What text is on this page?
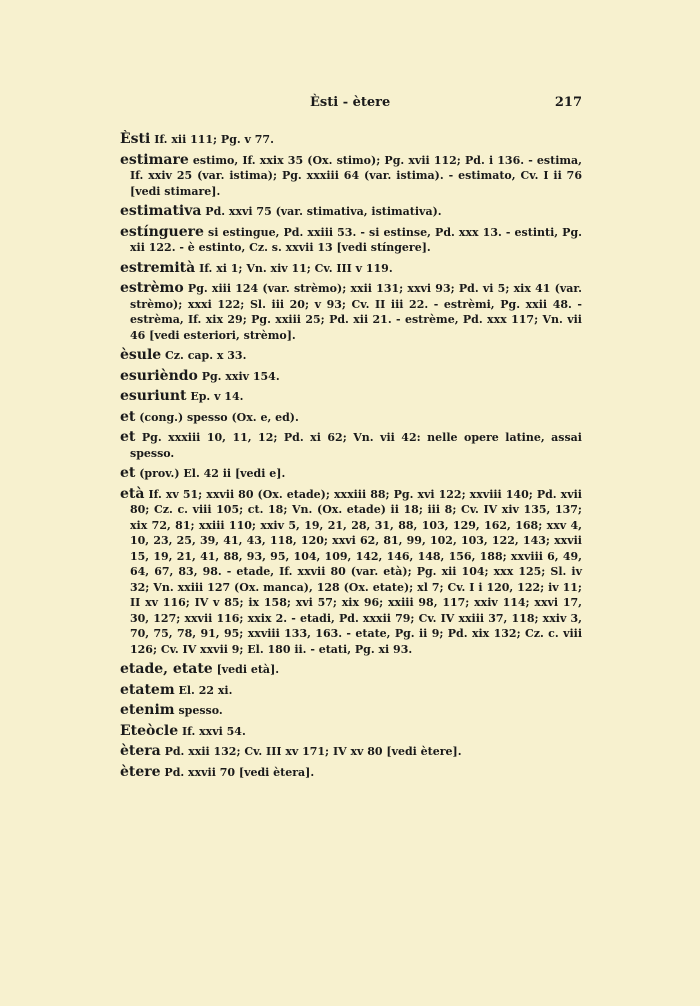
Èsti - ètere	217

Èsti If. xii 111; Pg. v 77.

estimare estimo, If. xxix 35 (Ox. stimo); Pg. xvii 112; Pd. i 136. - estima, If. xxiv 25 (var. istima); Pg. xxxiii 64 (var. istima). - estimato, Cv. I ii 76 [vedi stimare].

estimativa Pd. xxvi 75 (var. stimativa, istimativa).

estínguere si estingue, Pd. xxiii 53. - si estinse, Pd. xxx 13. - estinti, Pg. xii 122. - è estinto, Cz. s. xxvii 13 [vedi stíngere].

estremità If. xi 1; Vn. xiv 11; Cv. III v 119.

estrèmo Pg. xiii 124 (var. strèmo); xxii 131; xxvi 93; Pd. vi 5; xix 41 (var. strèmo); xxxi 122; Sl. iii 20; v 93; Cv. II iii 22. - estrèmi, Pg. xxii 48. - estrèma, If. xix 29; Pg. xxiii 25; Pd. xii 21. - estrème, Pd. xxx 117; Vn. vii 46 [vedi esteriori, strèmo].

èsule Cz. cap. x 33.

esurièndo Pg. xxiv 154.

esuriunt Ep. v 14.

et (cong.) spesso (Ox. e, ed).

et Pg. xxxiii 10, 11, 12; Pd. xi 62; Vn. vii 42: nelle opere latine, assai spesso.

et (prov.) El. 42 ii [vedi e].

età If. xv 51; xxvii 80 (Ox. etade); xxxiii 88; Pg. xvi 122; xxviii 140; Pd. xvii 80; Cz. c. viii 105; ct. 18; Vn. (Ox. etade) ii 18; iii 8; Cv. IV xiv 135, 137; xix 72, 81; xxiii 110; xxiv 5, 19, 21, 28, 31, 88, 103, 129, 162, 168; xxv 4, 10, 23, 25, 39, 41, 43, 118, 120; xxvi 62, 81, 99, 102, 103, 122, 143; xxvii 15, 19, 21, 41, 88, 93, 95, 104, 109, 142, 146, 148, 156, 188; xxviii 6, 49, 64, 67, 83, 98. - etade, If. xxvii 80 (var. età); Pg. xii 104; xxx 125; Sl. iv 32; Vn. xxiii 127 (Ox. manca), 128 (Ox. etate); xl 7; Cv. I i 120, 122; iv 11; II xv 116; IV v 85; ix 158; xvi 57; xix 96; xxiii 98, 117; xxiv 114; xxvi 17, 30, 127; xxvii 116; xxix 2. - etadi, Pd. xxxii 79; Cv. IV xxiii 37, 118; xxiv 3, 70, 75, 78, 91, 95; xxviii 133, 163. - etate, Pg. ii 9; Pd. xix 132; Cz. c. viii 126; Cv. IV xxvii 9; El. 180 ii. - etati, Pg. xi 93.

etade, etate [vedi età].

etatem El. 22 xi.

etenim spesso.

Eteòcle If. xxvi 54.

ètera Pd. xxii 132; Cv. III xv 171; IV xv 80 [vedi ètere].

ètere Pd. xxvii 70 [vedi ètera].
